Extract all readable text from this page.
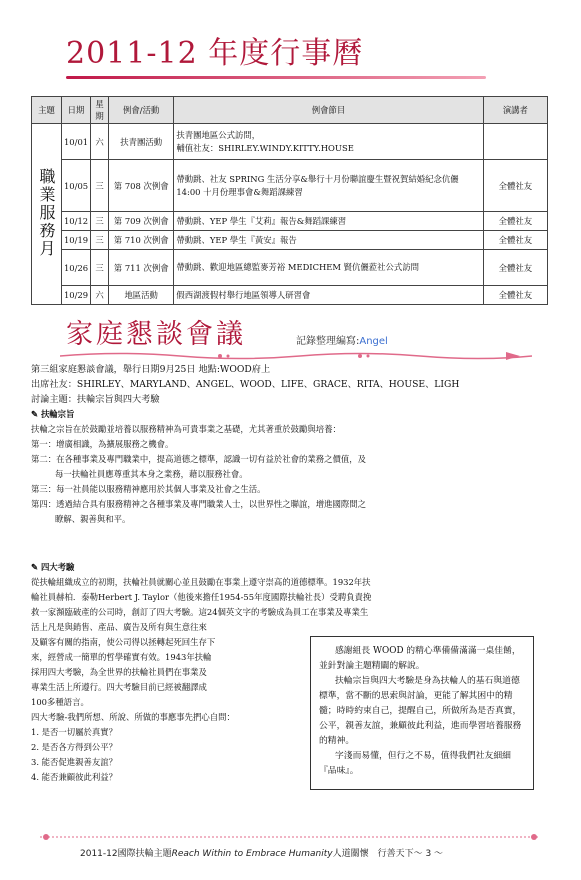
2011-12 年度行事曆
主題	日期	星期	例會/活動	例會節目	演講者
職業服務月	10/01	六	扶青團活動	扶青團地區公式訪問，
輔值社友：SHIRLEY.WINDY.KITTY.HOUSE	

	10/05	三	第 708 次例會	帶動跳、社友 SPRING 生活分享&舉行十月份聯誼慶生暨祝賀結婚紀念伉儷
14:00 十月份理事會&舞蹈課練習	全體社友
	10/12	三	第 709 次例會	帶動跳、YEP 學生『艾莉』報告&舞蹈課練習	全體社友
	10/19	三	第 710 次例會	帶動跳、YEP 學生『黃安』報告	全體社友
	10/26	三	第 711 次例會	帶動跳、歡迎地區總監麥芳裕 MEDICHEM 賢伉儷蒞社公式訪問	全體社友
	10/29	六	地區活動	假西湖渡假村舉行地區領導人研習會	全體社友
家庭懇談會議	記錄整理編寫:Angel
第三組家庭懇談會議，舉行日期9月25日 地點:WOOD府上
出席社友：SHIRLEY、MARYLAND、ANGEL、WOOD、LIFE、GRACE、RITA、HOUSE、LIGH
討論主題：扶輪宗旨與四大考驗
✎ 扶輪宗旨
扶輪之宗旨在於鼓勵並培養以服務精神為可貴事業之基礎，尤其著重於鼓勵與培養：
第一：增廣相識，為擴展服務之機會。
第二：在各種事業及專門職業中，提高道德之標準，認識一切有益於社會的業務之價值，及
每一扶輪社員應尊重其本身之業務，藉以服務社會。
第三：每一社員能以服務精神應用於其個人事業及社會之生活。
第四：透過結合具有服務精神之各種事業及專門職業人士，以世界性之聯誼，增進國際間之
瞭解、親善與和平。
✎ 四大考驗
從扶輪組織成立的初期，扶輪社員就關心並且鼓勵在事業上遵守崇高的道德標準。1932年扶
輪社員赫柏．泰勒Herbert J. Taylor（他後來擔任1954-55年度國際扶輪社長）受聘負責挽
救一家瀕臨破產的公司時，創訂了四大考驗。這24個英文字的考驗成為員工在事業及專業生
活上凡是與銷售、產品、廣告及所有與生意往來
及顧客有關的指南，使公司得以拯轉起死回生存下
來，經營成一簡單的哲學確實有效。1943年扶輪
採用四大考驗，為全世界的扶輪社員們在事業及
專業生活上所遵行。四大考驗目前已經被翻譯成
100多種語言。
四大考驗-我們所想、所說、所做的事應事先捫心自問：
1. 是否一切屬於真實？
2. 是否各方得到公平？
3. 能否促進親善友誼？
4. 能否兼顧彼此利益？

感謝組長 WOOD 的精心準備備滿滿一桌佳餚，並針對論主題精闢的解說。

扶輪宗旨與四大考驗是身為扶輪人的基石與道德標準，當不斷的思索與討論，更能了解其困中的精髓；時時約束自己，提醒自己，所做所為是否真實，公平，親善友誼，兼顧彼此利益，進而學習培養服務的精神。

字淺而易懂，但行之不易，值得我們社友細細『品味』。

2011-12國際扶輪主題Reach Within to Embrace Humanity人道關懷　行善天下～ 3 ～
